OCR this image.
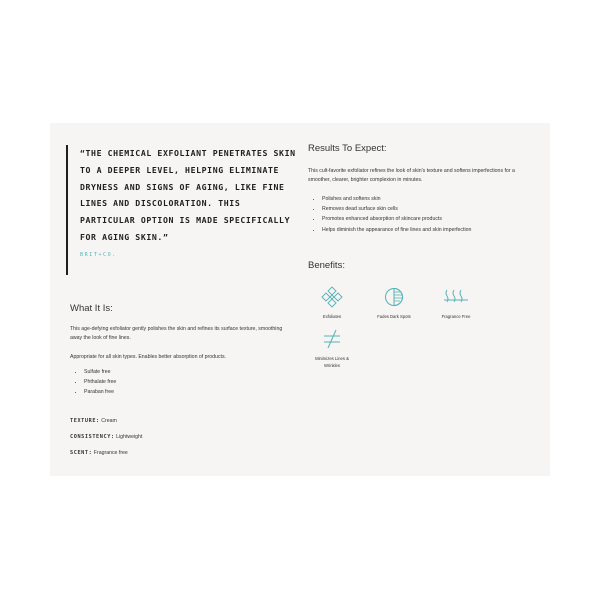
“THE CHEMICAL EXFOLIANT PENETRATES SKIN TO A DEEPER LEVEL, HELPING ELIMINATE DRYNESS AND SIGNS OF AGING, LIKE FINE LINES AND DISCOLORATION. THIS PARTICULAR OPTION IS MADE SPECIFICALLY FOR AGING SKIN.”

BRIT+CO.
What It Is:

This age-defying exfoliator gently polishes the skin and refines its surface texture, smoothing away the look of fine lines.

Appropriate for all skin types. Enables better absorption of products.

• Sulfate free
• Phthalate free
• Paraban free
TEXTURE: Cream
CONSISTENCY: Lightweight
SCENT: Fragrance free
Results To Expect:

This cult-favorite exfoliator refines the look of skin's texture and softens imperfections for a smoother, clearer, brighter complexion in minutes.

• Polishes and softens skin
• Removes dead surface skin cells
• Promotes enhanced absorption of skincare products
• Helps diminish the appearance of fine lines and skin imperfection
Benefits:
Exfoliates	Fades Dark Spots	Fragrance Free
Minimizes Lines & Wrinkles
